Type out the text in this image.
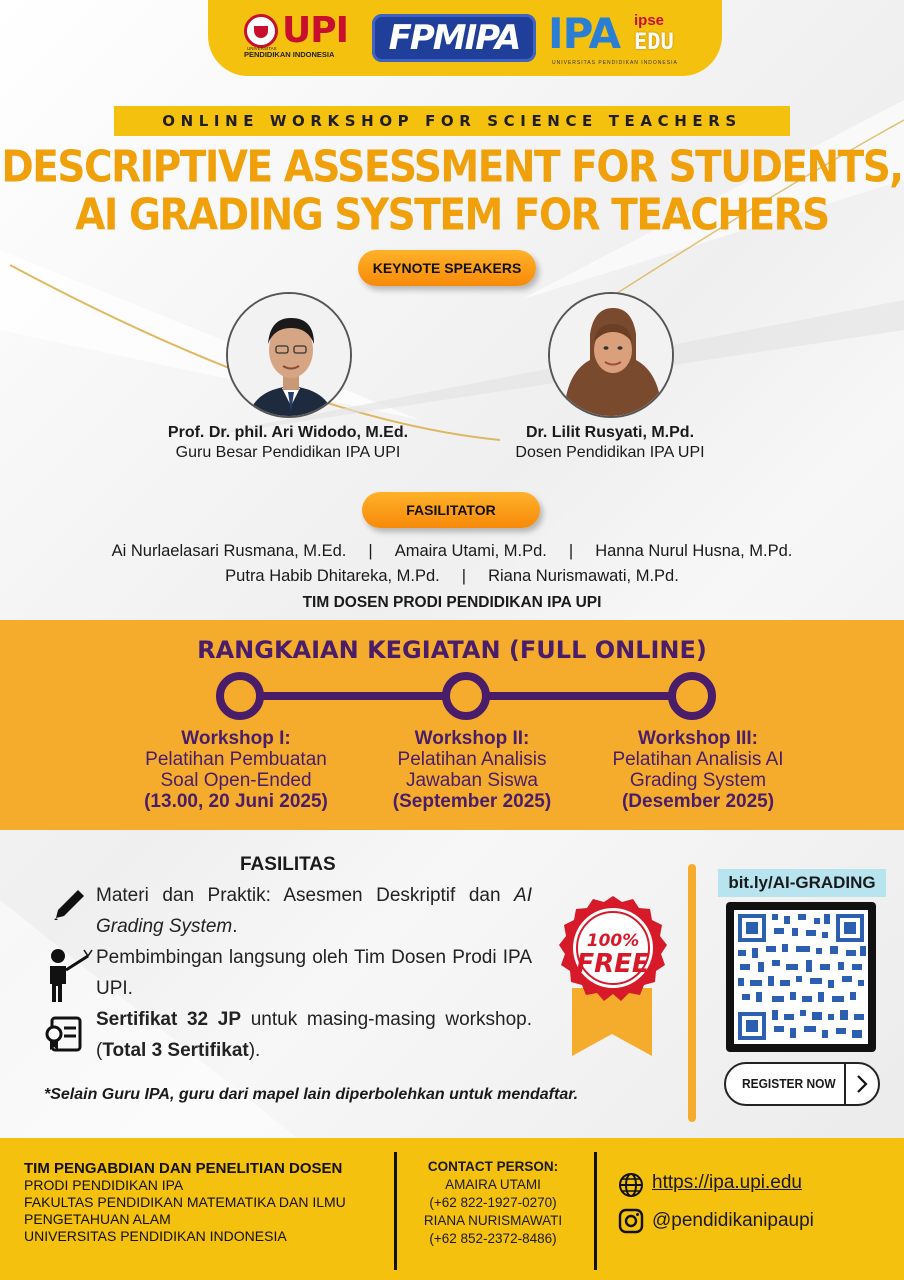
UPI
UNIVERSITAS
PENDIDIKAN INDONESIA	FPMIPA IPA ipse
EDU
UNIVERSITAS PENDIDIKAN INDONESIA
ONLINE WORKSHOP FOR SCIENCE TEACHERS
DESCRIPTIVE ASSESSMENT FOR STUDENTS,
AI GRADING SYSTEM FOR TEACHERS
KEYNOTE SPEAKERS
Prof. Dr. phil. Ari Widodo, M.Ed.
Guru Besar Pendidikan IPA UPI
Dr. Lilit Rusyati, M.Pd.
Dosen Pendidikan IPA UPI
FASILITATOR
Ai Nurlaelasari Rusmana, M.Ed. | Amaira Utami, M.Pd. | Hanna Nurul Husna, M.Pd.
Putra Habib Dhitareka, M.Pd. | Riana Nurismawati, M.Pd.
TIM DOSEN PRODI PENDIDIKAN IPA UPI
RANGKAIAN KEGIATAN (FULL ONLINE)
Workshop I:
Pelatihan Pembuatan
Soal Open-Ended
(13.00, 20 Juni 2025)
Workshop II:
Pelatihan Analisis
Jawaban Siswa
(September 2025)
Workshop III:
Pelatihan Analisis AI
Grading System
(Desember 2025)
FASILITAS
Materi dan Praktik: Asesmen Deskriptif dan AI Grading System.
Pembimbingan langsung oleh Tim Dosen Prodi IPA UPI.
Sertifikat 32 JP untuk masing-masing workshop. (Total 3 Sertifikat).
100%
FREE
*Selain Guru IPA, guru dari mapel lain diperbolehkan untuk mendaftar.
bit.ly/AI-GRADING
REGISTER NOW
TIM PENGABDIAN DAN PENELITIAN DOSEN
PRODI PENDIDIKAN IPA
FAKULTAS PENDIDIKAN MATEMATIKA DAN ILMU
PENGETAHUAN ALAM
UNIVERSITAS PENDIDIKAN INDONESIA
CONTACT PERSON:
AMAIRA UTAMI
(+62 822-1927-0270)
RIANA NURISMAWATI
(+62 852-2372-8486)
https://ipa.upi.edu
@pendidikanipaupi
